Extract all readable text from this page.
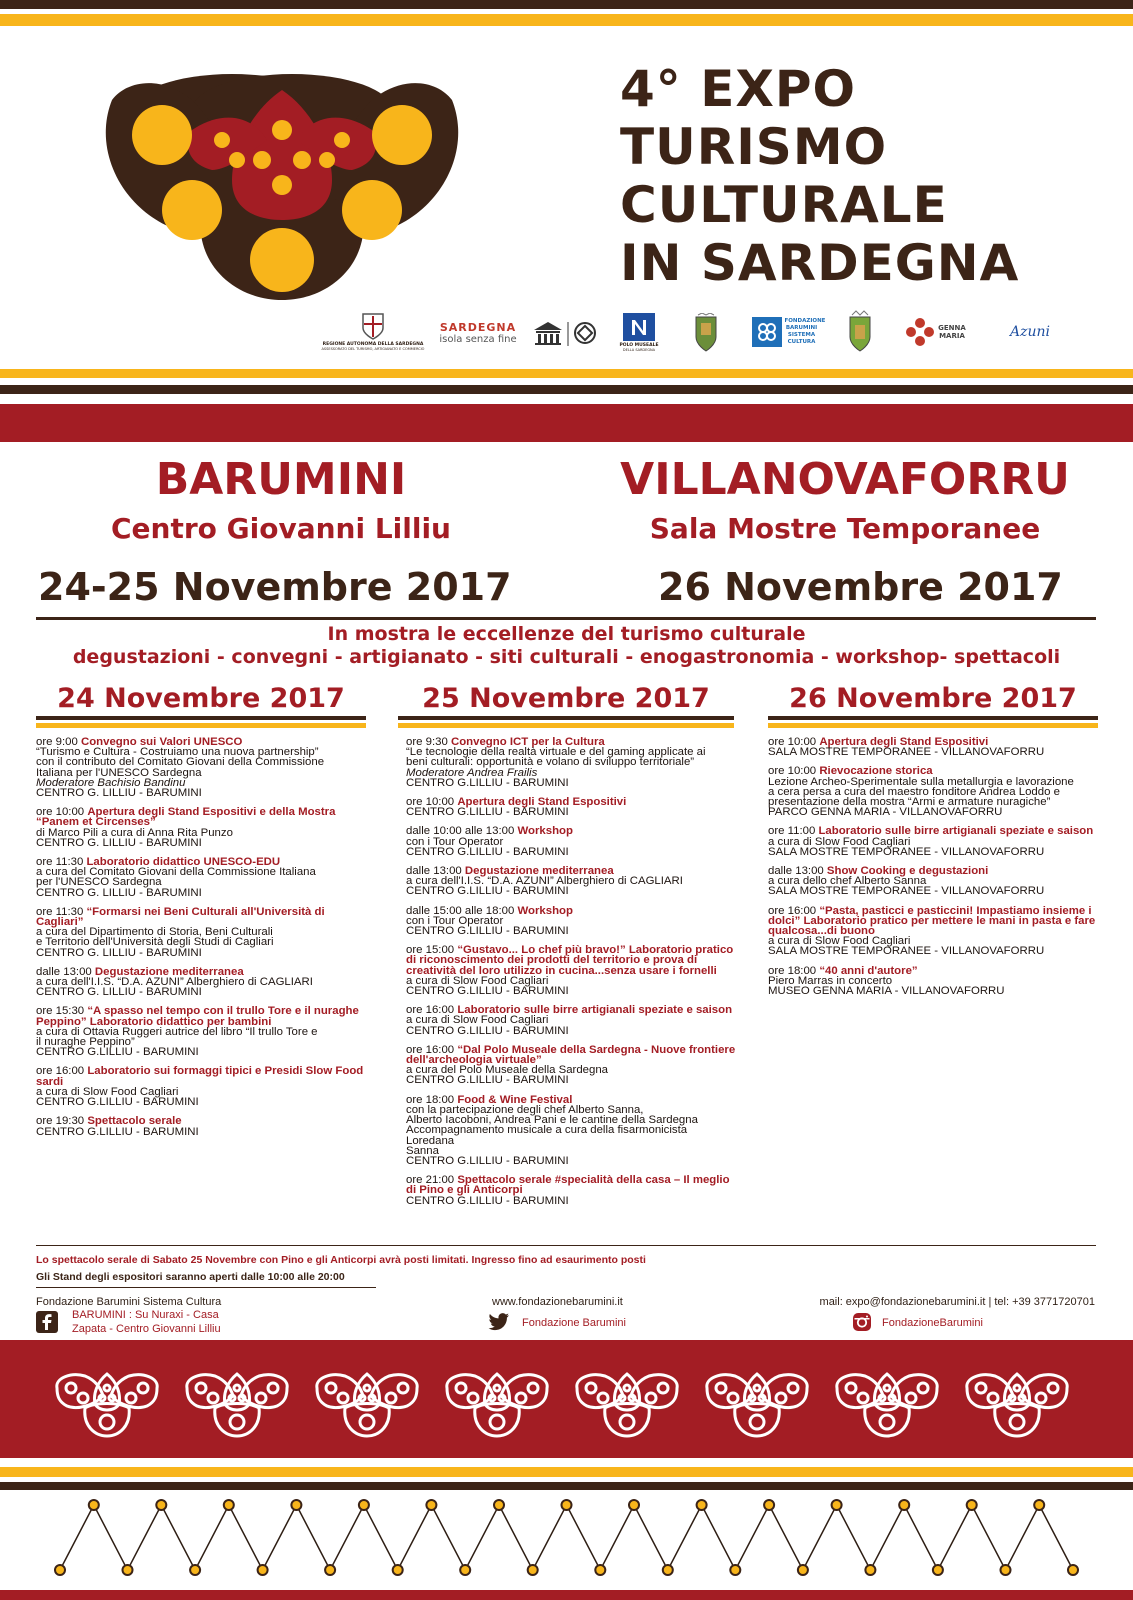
4° EXPO
TURISMO
CULTURALE
IN SARDEGNA
REGIONE AUTONOMA DELLA SARDEGNA
ASSESSORATO DEL TURISMO, ARTIGIANATO E COMMERCIO
SARDEGNA
isola senza fine	POLO MUSEALE
DELLA SARDEGNA
FONDAZIONE BARUMINI
SISTEMA CULTURA
GENNA MARIA	Azuni
BARUMINI	VILLANOVAFORRU
Centro Giovanni Lilliu	Sala Mostre Temporanee
24-25 Novembre 2017	26 Novembre 2017
In mostra le eccellenze del turismo culturale
degustazioni - convegni - artigianato - siti culturali - enogastronomia - workshop- spettacoli
24 Novembre 2017	25 Novembre 2017	26 Novembre 2017
ore 9:00 Convegno sui Valori UNESCO
“Turismo e Cultura - Costruiamo una nuova partnership”
con il contributo del Comitato Giovani della Commissione
Italiana per l'UNESCO Sardegna
Moderatore Bachisio Bandinu
CENTRO G. LILLIU - BARUMINI
ore 10:00 Apertura degli Stand Espositivi e della Mostra “Panem et Circenses”
di Marco Pili a cura di Anna Rita Punzo
CENTRO G. LILLIU - BARUMINI
ore 11:30 Laboratorio didattico UNESCO-EDU
a cura del Comitato Giovani della Commissione Italiana
per l'UNESCO Sardegna
CENTRO G. LILLIU - BARUMINI
ore 11:30 “Formarsi nei Beni Culturali all'Università di Cagliari”
a cura del Dipartimento di Storia, Beni Culturali
e Territorio dell'Università degli Studi di Cagliari
CENTRO G. LILLIU - BARUMINI
dalle 13:00 Degustazione mediterranea
a cura dell'I.I.S. “D.A. AZUNI” Alberghiero di CAGLIARI
CENTRO G. LILLIU - BARUMINI
ore 15:30 “A spasso nel tempo con il trullo Tore e il nuraghe Peppino” Laboratorio didattico per bambini
a cura di Ottavia Ruggeri autrice del libro “Il trullo Tore e
il nuraghe Peppino”
CENTRO G.LILLIU - BARUMINI
ore 16:00 Laboratorio sui formaggi tipici e Presidi Slow Food sardi
a cura di Slow Food Cagliari
CENTRO G.LILLIU - BARUMINI
ore 19:30 Spettacolo serale
CENTRO G.LILLIU - BARUMINI
ore 9:30 Convegno ICT per la Cultura
“Le tecnologie della realtà virtuale e del gaming applicate ai
beni culturali: opportunità e volano di sviluppo territoriale”
Moderatore Andrea Frailis
CENTRO G.LILLIU - BARUMINI
ore 10:00 Apertura degli Stand Espositivi
CENTRO G.LILLIU - BARUMINI
dalle 10:00 alle 13:00 Workshop
con i Tour Operator
CENTRO G.LILLIU - BARUMINI
dalle 13:00 Degustazione mediterranea
a cura dell'I.I.S. “D.A. AZUNI” Alberghiero di CAGLIARI
CENTRO G.LILLIU - BARUMINI
dalle 15:00 alle 18:00 Workshop
con i Tour Operator
CENTRO G.LILLIU - BARUMINI
ore 15:00 “Gustavo... Lo chef più bravo!” Laboratorio pratico di riconoscimento dei prodotti del territorio e prova di creatività del loro utilizzo in cucina...senza usare i fornelli
a cura di Slow Food Cagliari
CENTRO G.LILLIU - BARUMINI
ore 16:00 Laboratorio sulle birre artigianali speziate e saison
a cura di Slow Food Cagliari
CENTRO G.LILLIU - BARUMINI
ore 16:00 “Dal Polo Museale della Sardegna - Nuove frontiere dell'archeologia virtuale”
a cura del Polo Museale della Sardegna
CENTRO G.LILLIU - BARUMINI
ore 18:00 Food & Wine Festival
con la partecipazione degli chef Alberto Sanna,
Alberto Iacoboni, Andrea Pani e le cantine della Sardegna
Accompagnamento musicale a cura della fisarmonicista Loredana
Sanna
CENTRO G.LILLIU - BARUMINI
ore 21:00 Spettacolo serale #specialità della casa – Il meglio di Pino e gli Anticorpi
CENTRO G.LILLIU - BARUMINI
ore 10:00 Apertura degli Stand Espositivi
SALA MOSTRE TEMPORANEE - VILLANOVAFORRU
ore 10:00 Rievocazione storica
Lezione Archeo-Sperimentale sulla metallurgia e lavorazione
a cera persa a cura del maestro fonditore Andrea Loddo e
presentazione della mostra “Armi e armature nuragiche”
PARCO GENNA MARIA - VILLANOVAFORRU
ore 11:00 Laboratorio sulle birre artigianali speziate e saison
a cura di Slow Food Cagliari
SALA MOSTRE TEMPORANEE - VILLANOVAFORRU
dalle 13:00 Show Cooking e degustazioni
a cura dello chef Alberto Sanna
SALA MOSTRE TEMPORANEE - VILLANOVAFORRU
ore 16:00 “Pasta, pasticci e pasticcini! Impastiamo insieme i dolci” Laboratorio pratico per mettere le mani in pasta e fare qualcosa...di buono
a cura di Slow Food Cagliari
SALA MOSTRE TEMPORANEE - VILLANOVAFORRU
ore 18:00 “40 anni d'autore”
Piero Marras in concerto
MUSEO GENNA MARIA - VILLANOVAFORRU
Lo spettacolo serale di Sabato 25 Novembre con Pino e gli Anticorpi avrà posti limitati. Ingresso fino ad esaurimento posti
Gli Stand degli espositori saranno aperti dalle 10:00 alle 20:00
Fondazione Barumini Sistema Cultura	www.fondazionebarumini.it	mail: expo@fondazionebarumini.it | tel: +39 3771720701
BARUMINI : Su Nuraxi - Casa
Zapata - Centro Giovanni Lilliu	Fondazione Barumini	FondazioneBarumini
